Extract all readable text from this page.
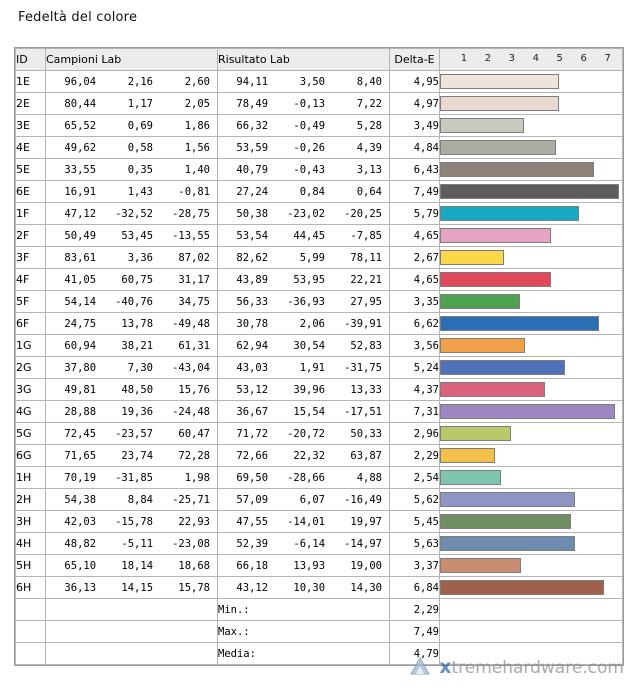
Fedeltà del colore
ID	Campioni Lab	Risultato Lab	Delta-E	1 2 3 4 5 6 7

1E	96,04 2,16 2,60	94,11 3,50 8,40	4,95	

2E	80,44 1,17 2,05	78,49 -0,13 7,22	4,97	

3E	65,52 0,69 1,86	66,32 -0,49 5,28	3,49	

4E	49,62 0,58 1,56	53,59 -0,26 4,39	4,84	

5E	33,55 0,35 1,40	40,79 -0,43 3,13	6,43	

6E	16,91 1,43 -0,81	27,24 0,84 0,64	7,49	

1F	47,12 -32,52 -28,75	50,38 -23,02 -20,25	5,79	

2F	50,49 53,45 -13,55	53,54 44,45 -7,85	4,65	

3F	83,61 3,36 87,02	82,62 5,99 78,11	2,67	

4F	41,05 60,75 31,17	43,89 53,95 22,21	4,65	

5F	54,14 -40,76 34,75	56,33 -36,93 27,95	3,35	

6F	24,75 13,78 -49,48	30,78 2,06 -39,91	6,62	

1G	60,94 38,21 61,31	62,94 30,54 52,83	3,56	

2G	37,80 7,30 -43,04	43,03 1,91 -31,75	5,24	

3G	49,81 48,50 15,76	53,12 39,96 13,33	4,37	

4G	28,88 19,36 -24,48	36,67 15,54 -17,51	7,31	

5G	72,45 -23,57 60,47	71,72 -20,72 50,33	2,96	

6G	71,65 23,74 72,28	72,66 22,32 63,87	2,29	

1H	70,19 -31,85 1,98	69,50 -28,66 4,88	2,54	

2H	54,38 8,84 -25,71	57,09 6,07 -16,49	5,62	

3H	42,03 -15,78 22,93	47,55 -14,01 19,97	5,45	

4H	48,82 -5,11 -23,08	52,39 -6,14 -14,97	5,63	

5H	65,10 18,14 18,68	66,18 13,93 19,00	3,37	

6H	36,13 14,15 15,78	43,12 10,30 14,30	6,84	

		Min.:	2,29	
		Max.:	7,49	
		Media:	4,79	
xtremehardware.com
